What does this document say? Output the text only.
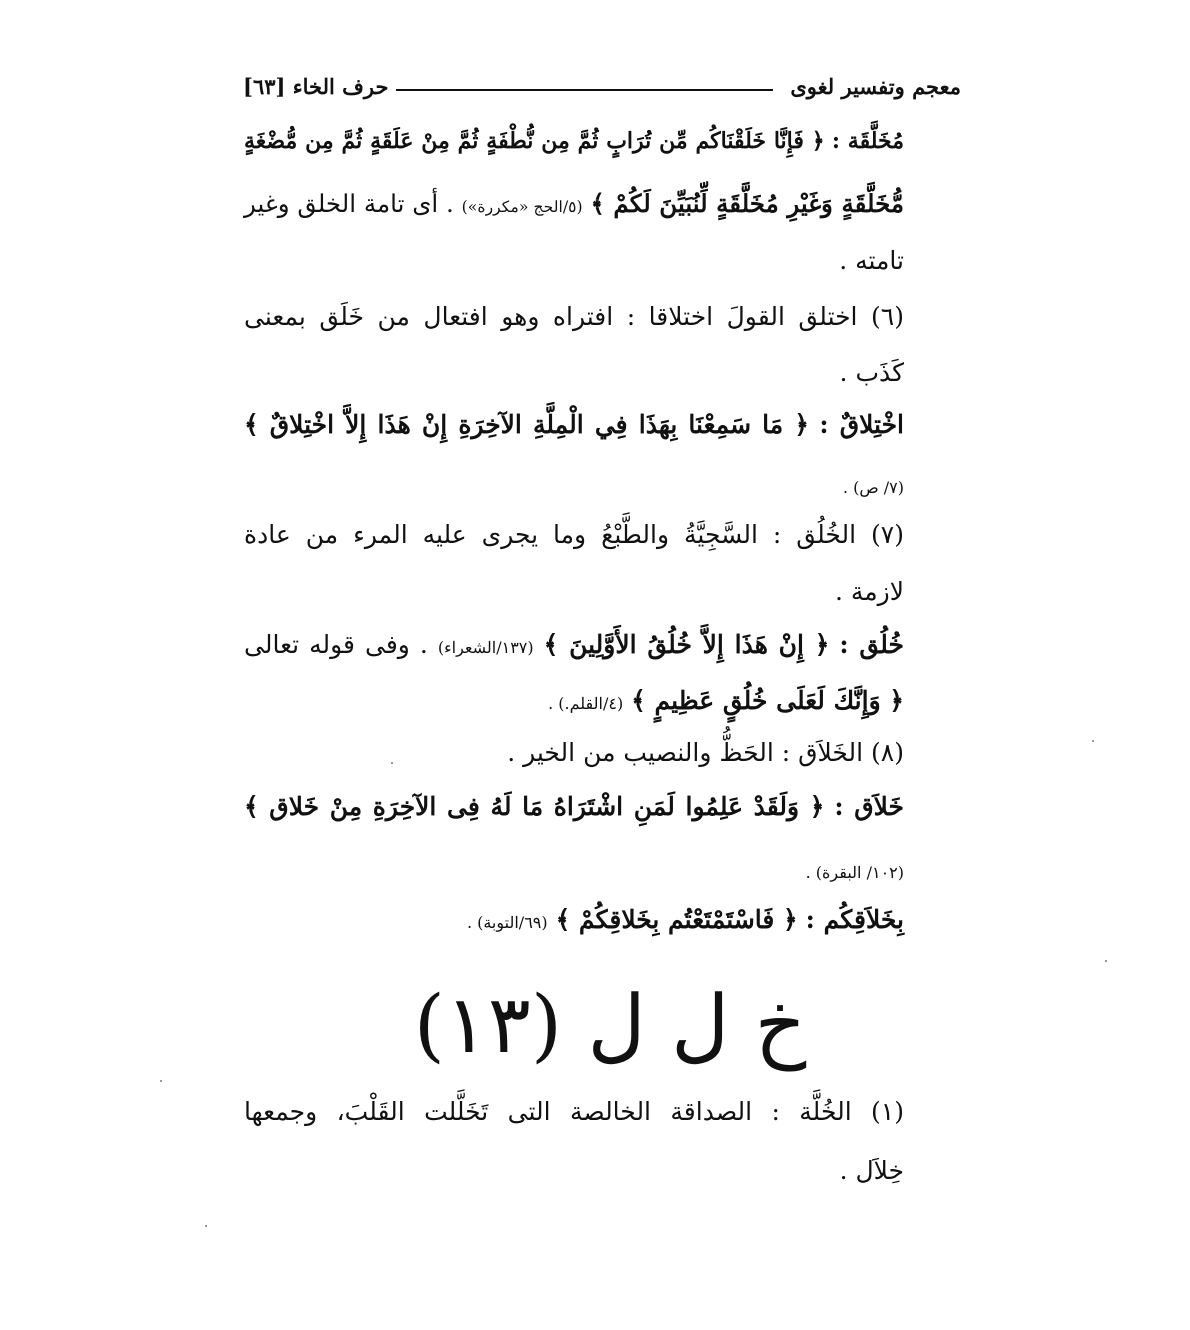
معجم وتفسير لغوى
حرف الخاء [٦٣]
مُخَلَّقَة : ﴿ فَإِنَّا خَلَقْنَاكُم مِّن تُرَابٍ ثُمَّ مِن نُّطْفَةٍ ثُمَّ مِنْ عَلَقَةٍ ثُمَّ مِن مُّضْغَةٍ
مُّخَلَّقَةٍ وَغَيْرِ مُخَلَّقَةٍ لِّنُبَيِّنَ لَكُمْ ﴾ (٥/الحج «مكررة») . أى تامة الخلق وغير
تامته .
(٦) اختلق القولَ اختلاقا : افتراه وهو افتعال من خَلَق بمعنى
كَذَب .
اخْتِلاقٌ : ﴿ مَا سَمِعْنَا بِهَذَا فِي الْمِلَّةِ الآخِرَةِ إِنْ هَذَا إِلاَّ اخْتِلاقٌ ﴾
(٧/ ص) .
(٧) الخُلُق : السَّجِيَّةُ والطَّبْعُ وما يجرى عليه المرء من عادة
لازمة .
خُلُق : ﴿ إِنْ هَذَا إِلاَّ خُلُقُ الأَوَّلِينَ ﴾ (١٣٧/الشعراء) . وفى قوله تعالى
﴿ وَإِنَّكَ لَعَلَى خُلُقٍ عَظِيمٍ ﴾ (٤/القلم.) .
(٨) الخَلاَق : الحَظُّ والنصيب من الخير .
خَلاَق : ﴿ وَلَقَدْ عَلِمُوا لَمَنِ اشْتَرَاهُ مَا لَهُ فِى الآخِرَةِ مِنْ خَلاق ﴾
(١٠٢/ البقرة) .
بِخَلاَقِكُم : ﴿ فَاسْتَمْتَعْتُم بِخَلاقِكُمْ ﴾ (٦٩/التوبة) .
خ ل ل (١٣)
(١) الخُلَّة : الصداقة الخالصة التى تَخَلَّلت القَلْبَ، وجمعها
خِلاَل .
